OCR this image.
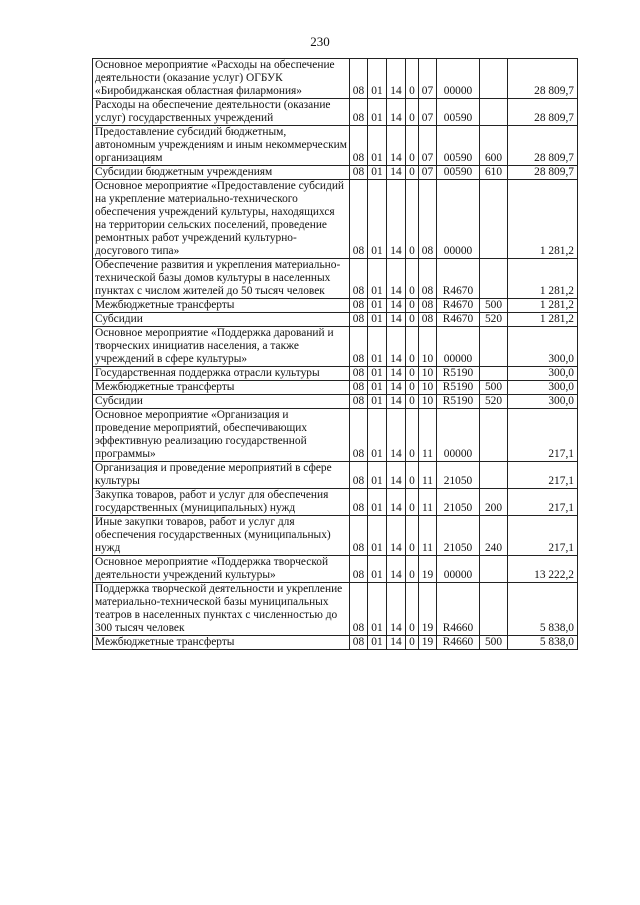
230
Основное мероприятие «Расходы на обеспечение деятельности (оказание услуг) ОГБУК «Биробиджанская областная филармония»	08	01	14	0	07	00000		28 809,7
Расходы на обеспечение деятельности (оказание услуг) государственных учреждений	08	01	14	0	07	00590		28 809,7
Предоставление субсидий бюджетным, автономным учреждениям и иным некоммерческим организациям	08	01	14	0	07	00590	600	28 809,7
Субсидии бюджетным учреждениям	08	01	14	0	07	00590	610	28 809,7
Основное мероприятие «Предоставление субсидий на укрепление материально-технического обеспечения учреждений культуры, находящихся на территории сельских поселений, проведение ремонтных работ учреждений культурно-досугового типа»	08	01	14	0	08	00000		1 281,2
Обеспечение развития и укрепления материально-технической базы домов культуры в населенных пунктах с числом жителей до 50 тысяч человек	08	01	14	0	08	R4670		1 281,2
Межбюджетные трансферты	08	01	14	0	08	R4670	500	1 281,2
Субсидии	08	01	14	0	08	R4670	520	1 281,2
Основное мероприятие «Поддержка дарований и творческих инициатив населения, а также учреждений в сфере культуры»	08	01	14	0	10	00000		300,0
Государственная поддержка отрасли культуры	08	01	14	0	10	R5190		300,0
Межбюджетные трансферты	08	01	14	0	10	R5190	500	300,0
Субсидии	08	01	14	0	10	R5190	520	300,0
Основное мероприятие «Организация и проведение мероприятий, обеспечивающих эффективную реализацию государственной программы»	08	01	14	0	11	00000		217,1
Организация и проведение мероприятий в сфере культуры	08	01	14	0	11	21050		217,1
Закупка товаров, работ и услуг для обеспечения государственных (муниципальных) нужд	08	01	14	0	11	21050	200	217,1
Иные закупки товаров, работ и услуг для обеспечения государственных (муниципальных) нужд	08	01	14	0	11	21050	240	217,1
Основное мероприятие «Поддержка творческой деятельности учреждений культуры»	08	01	14	0	19	00000		13 222,2
Поддержка творческой деятельности и укрепление материально-технической базы муниципальных театров в населенных пунктах с численностью до 300 тысяч человек	08	01	14	0	19	R4660		5 838,0
Межбюджетные трансферты	08	01	14	0	19	R4660	500	5 838,0
